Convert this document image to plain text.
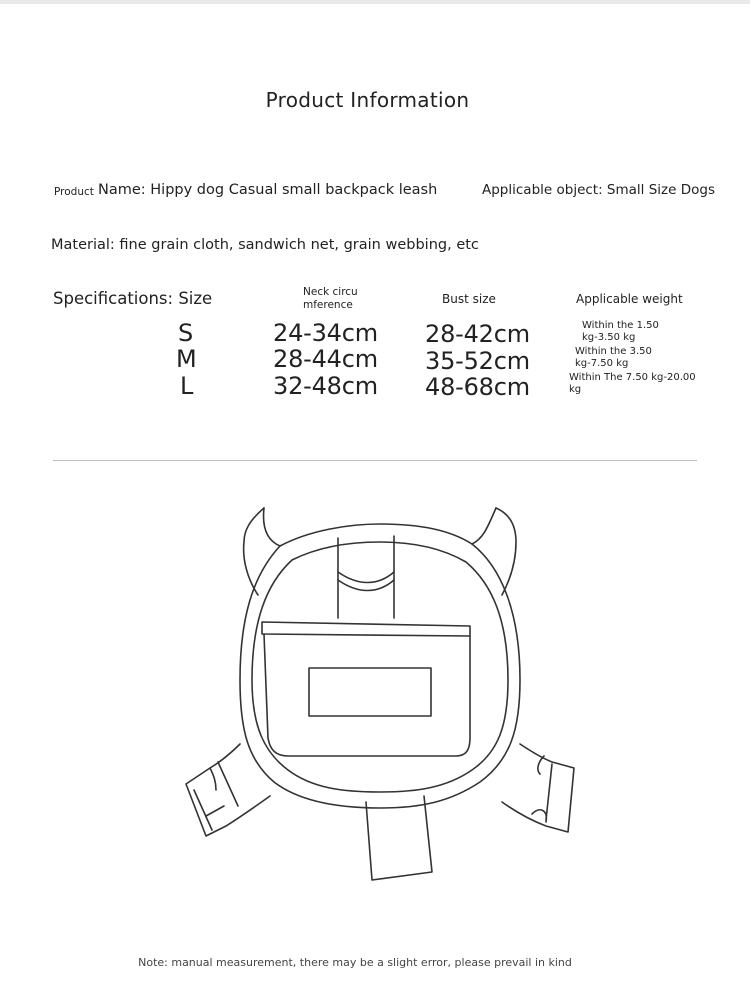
Product Information
Product Name: Hippy dog Casual small backpack leash	Applicable object: Small Size Dogs
Material: fine grain cloth, sandwich net, grain webbing, etc
Specifications: Size	Neck circu mference	Bust size	Applicable weight
S	24-34cm 28-42cm	Within the 1.50 kg-3.50 kg
M	28-44cm 35-52cm	Within the 3.50 kg-7.50 kg
L	32-48cm 48-68cm	Within The 7.50 kg-20.00 kg
Note: manual measurement, there may be a slight error, please prevail in kind
